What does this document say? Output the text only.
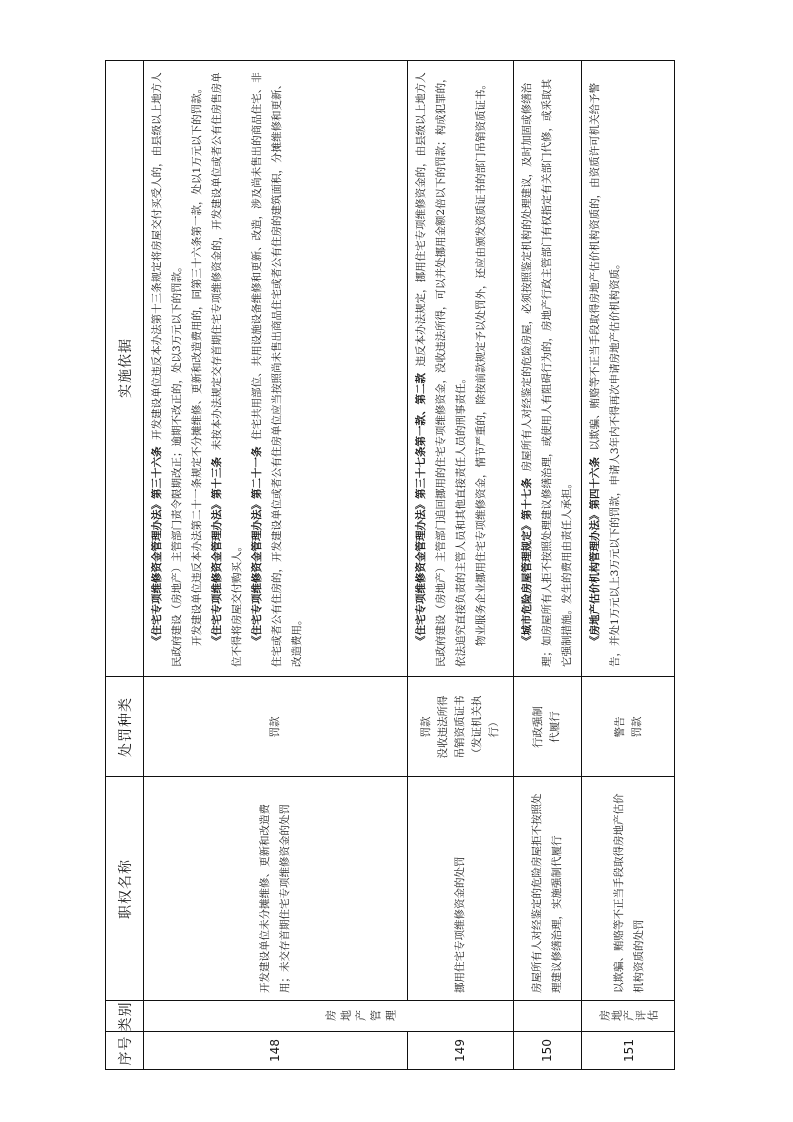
序号
类别
职权名称
处罚种类
实施依据
148
开发建设单位未分摊维修、更新和改造费用；未交存首期住宅专项维修资金的处罚
罚款

《住宅专项维修资金管理办法》第三十六条  开发建设单位违反本办法第十三条规定将房屋交付买受人的，由县级以上地方人民政府建设（房地产）主管部门责令限期改正；逾期不改正的，处以3万元以下的罚款。 开发建设单位违反本办法第二十一条规定不分摊维修、更新和改造费用的，同第三十六条第一款，处以1万元以下的罚款。 《住宅专项维修资金管理办法》第十三条  未按本办法规定交存首期住宅专项维修资金的，开发建设单位或者公有住房售房单位不得将房屋交付购买人。 《住宅专项维修资金管理办法》第二十一条  住宅共用部位、共用设施设备维修和更新、改造，涉及尚未售出的商品住宅、非住宅或者公有住房的，开发建设单位或者公有住房单位应当按照尚未售出商品住宅或者公有住房的建筑面积，分摊维修和更新、改造费用。

房地产管理
149
挪用住宅专项维修资金的处罚
罚款 没收违法所得 吊销资质证书 （发证机关执 行）

《住宅专项维修资金管理办法》第三十七条第一款、第二款  违反本办法规定，挪用住宅专项维修资金的，由县级以上地方人民政府建设（房地产）主管部门追回挪用的住宅专项维修资金，没收违法所得，可以并处挪用金额2倍以下的罚款；构成犯罪的，依法追究直接负责的主管人员和其他直接责任人员的刑事责任。 物业服务企业挪用住宅专项维修资金，情节严重的，除按前款规定予以处罚外，还应由颁发资质证书的部门吊销资质证书。

150
房屋所有人对经鉴定的危险房屋拒不按照处理建议修缮治理，实施强制代履行
行政强制 代履行

《城市危险房屋管理规定》第十七条  房屋所有人对经鉴定的危险房屋，必须按照鉴定机构的处理建议，及时加固或修缮治理；如房屋所有人拒不按照处理建议修缮治理，或使用人有阻碍行为的，房地产行政主管部门有权指定有关部门代修，或采取其它强制措施。发生的费用由责任人承担。

151
房地产评估
以欺骗、贿赂等不正当手段取得房地产估价机构资质的处罚
警告 罚款

《房地产估价机构管理办法》第四十六条  以欺骗、贿赂等不正当手段取得房地产估价机构资质的，由资质许可机关给予警告，并处1万元以上3万元以下的罚款，申请人3年内不得再次申请房地产估价机构资质。
